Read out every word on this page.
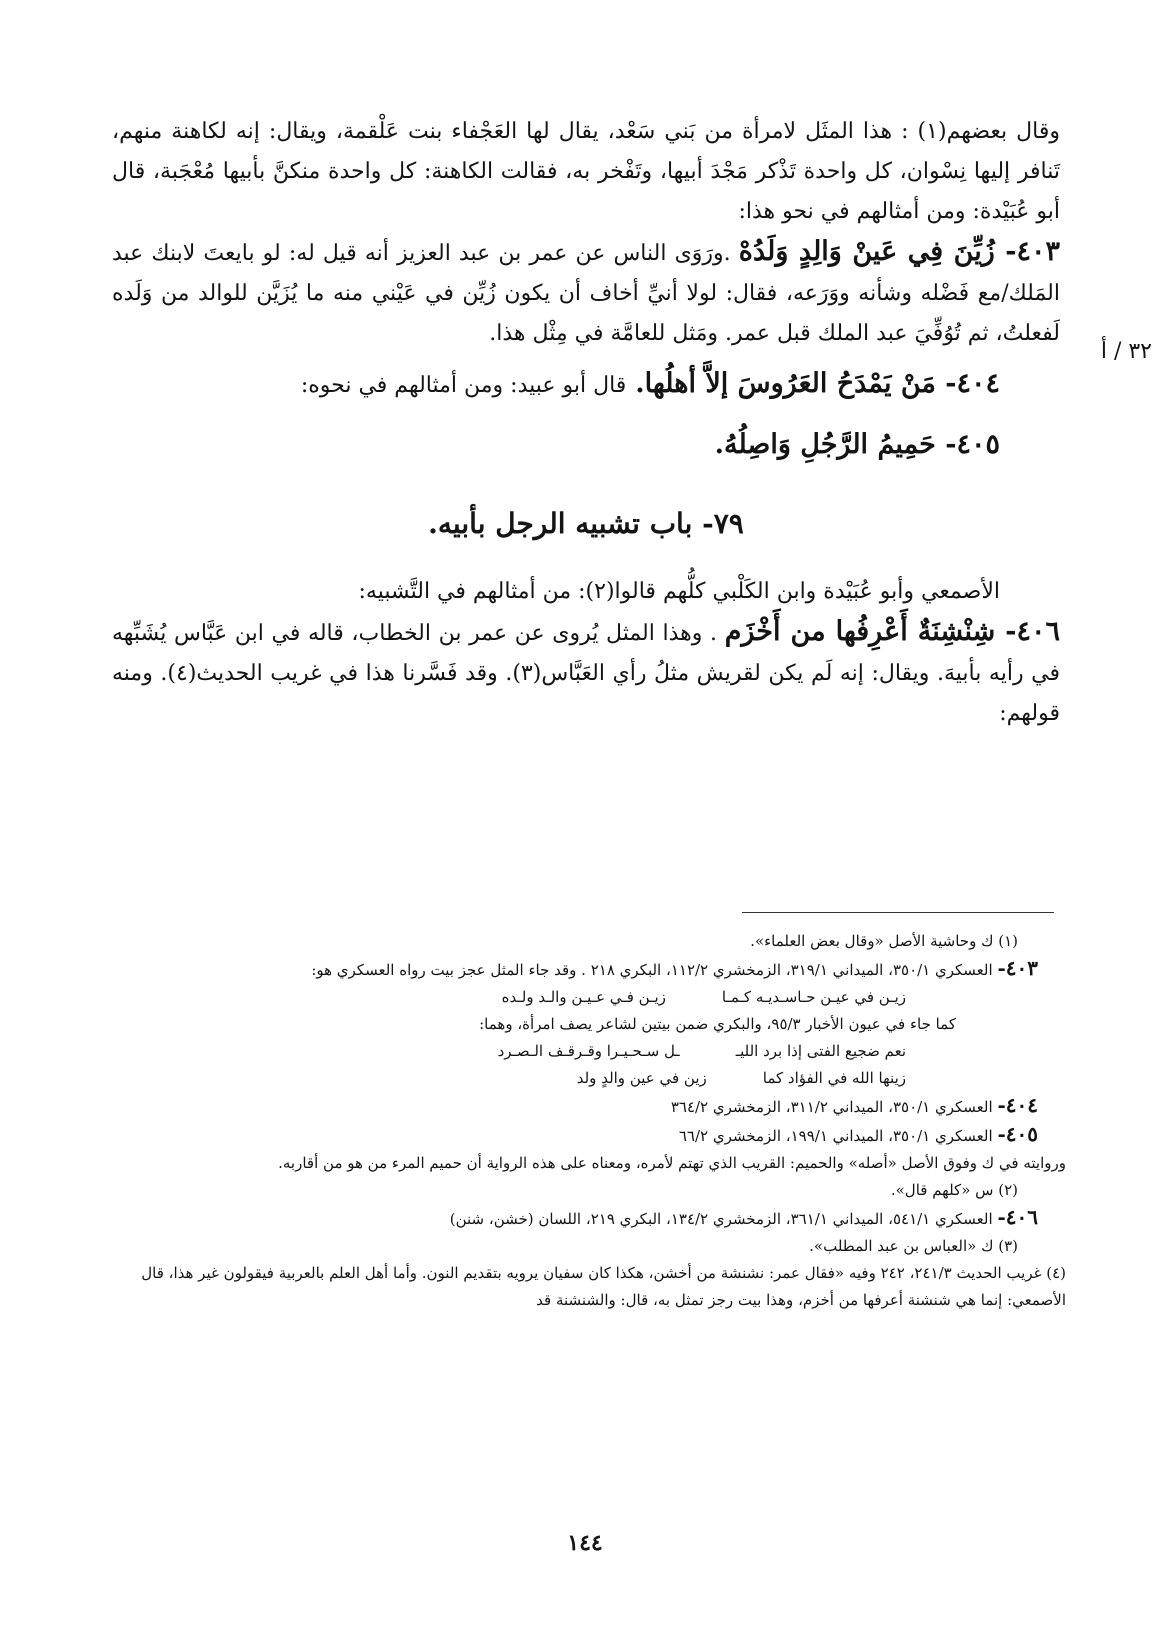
وقال بعضهم(١) : هذا المثَل لامرأة من بَني سَعْد، يقال لها العَجْفاء بنت عَلْقمة، ويقال: إنه لكاهنة منهم، تَنافر إليها نِسْوان، كل واحدة تَذْكر مَجْدَ أبيها، وتَفْخر به، فقالت الكاهنة: كل واحدة منكنَّ بأبيها مُعْجَبة، قال أبو عُبَيْدة: ومن أمثالهم في نحو هذا:

٤٠٣- زُيِّنَ فِي عَينْ وَالِدٍ وَلَدُهْ .ورَوَى الناس عن عمر بن عبد العزيز أنه قيل له: لو بايعتَ لابنك عبد المَلك/مع فَضْله وشأنه ووَرَعه، فقال: لولا أنيِّ أخاف أن يكون زُيِّن في عَيْني منه ما يُزَيَّن للوالد من وَلَده لَفعلتُ، ثم تُوُفِّيَ عبد الملك قبل عمر. ومَثل للعامَّة في مِثْل هذا.

٤٠٤- مَنْ يَمْدَحُ العَرُوسَ إلاَّ أهلُها. قال أبو عبيد: ومن أمثالهم في نحوه:

٤٠٥- حَمِيمُ الرَّجُلِ وَاصِلُهُ.

٧٩- باب تشبيه الرجل بأبيه.

الأصمعي وأبو عُبَيْدة وابن الكَلْبي كلُّهم قالوا(٢): من أمثالهم في التَّشبيه:

٤٠٦- شِنْشِنَةٌ أَعْرِفُها من أَخْزَم . وهذا المثل يُروى عن عمر بن الخطاب، قاله في ابن عَبَّاس يُشَبِّهه في رأيه بأبيهَ. ويقال: إنه لَم يكن لقريش مثلُ رأي العَبَّاس(٣). وقد فَسَّرنا هذا في غريب الحديث(٤). ومنه قولهم:

٣٢ / أ

(١) ك وحاشية الأصل «وقال بعض العلماء».

٤٠٣- العسكري ٣٥٠/١، الميداني ٣١٩/١، الزمخشري ١١٢/٢، البكري ٢١٨ . وقد جاء المثل عجز بيت رواه العسكري هو:

زيـن في عيـن حـاسـديـه كـمـا
زيـن فـي عـيـن والـد ولـده

كما جاء في عيون الأخبار ٩٥/٣، والبكري ضمن بيتين لشاعر يصف امرأة، وهما:

نعم ضجيع الفتى إذا برد الليـ
ـل سـحـيـرا وقـرقـف الـصـرد

زينها الله في الفؤاد كما
زين في عين والدٍ ولد

٤٠٤- العسكري ٣٥٠/١، الميداني ٣١١/٢، الزمخشري ٣٦٤/٢

٤٠٥- العسكري ٣٥٠/١، الميداني ١٩٩/١، الزمخشري ٦٦/٢

وروايته في ك وفوق الأصل «أصله» والحميم: القريب الذي تهتم لأمره، ومعناه على هذه الرواية أن حميم المرء من هو من أقاربه.

(٢) س «كلهم قال».

٤٠٦- العسكري ٥٤١/١، الميداني ٣٦١/١، الزمخشري ١٣٤/٢، البكري ٢١٩، اللسان (خشن، شنن)

(٣) ك «العباس بن عبد المطلب».

(٤) غريب الحديث ٢٤١/٣، ٢٤٢ وفيه «فقال عمر: نشنشة من أخشن، هكذا كان سفيان يرويه بتقديم النون. وأما أهل العلم بالعربية فيقولون غير هذا، قال الأصمعي: إنما هي شنشنة أعرفها من أخزم، وهذا بيت رجز تمثل به، قال: والشنشنة قد

١٤٤
